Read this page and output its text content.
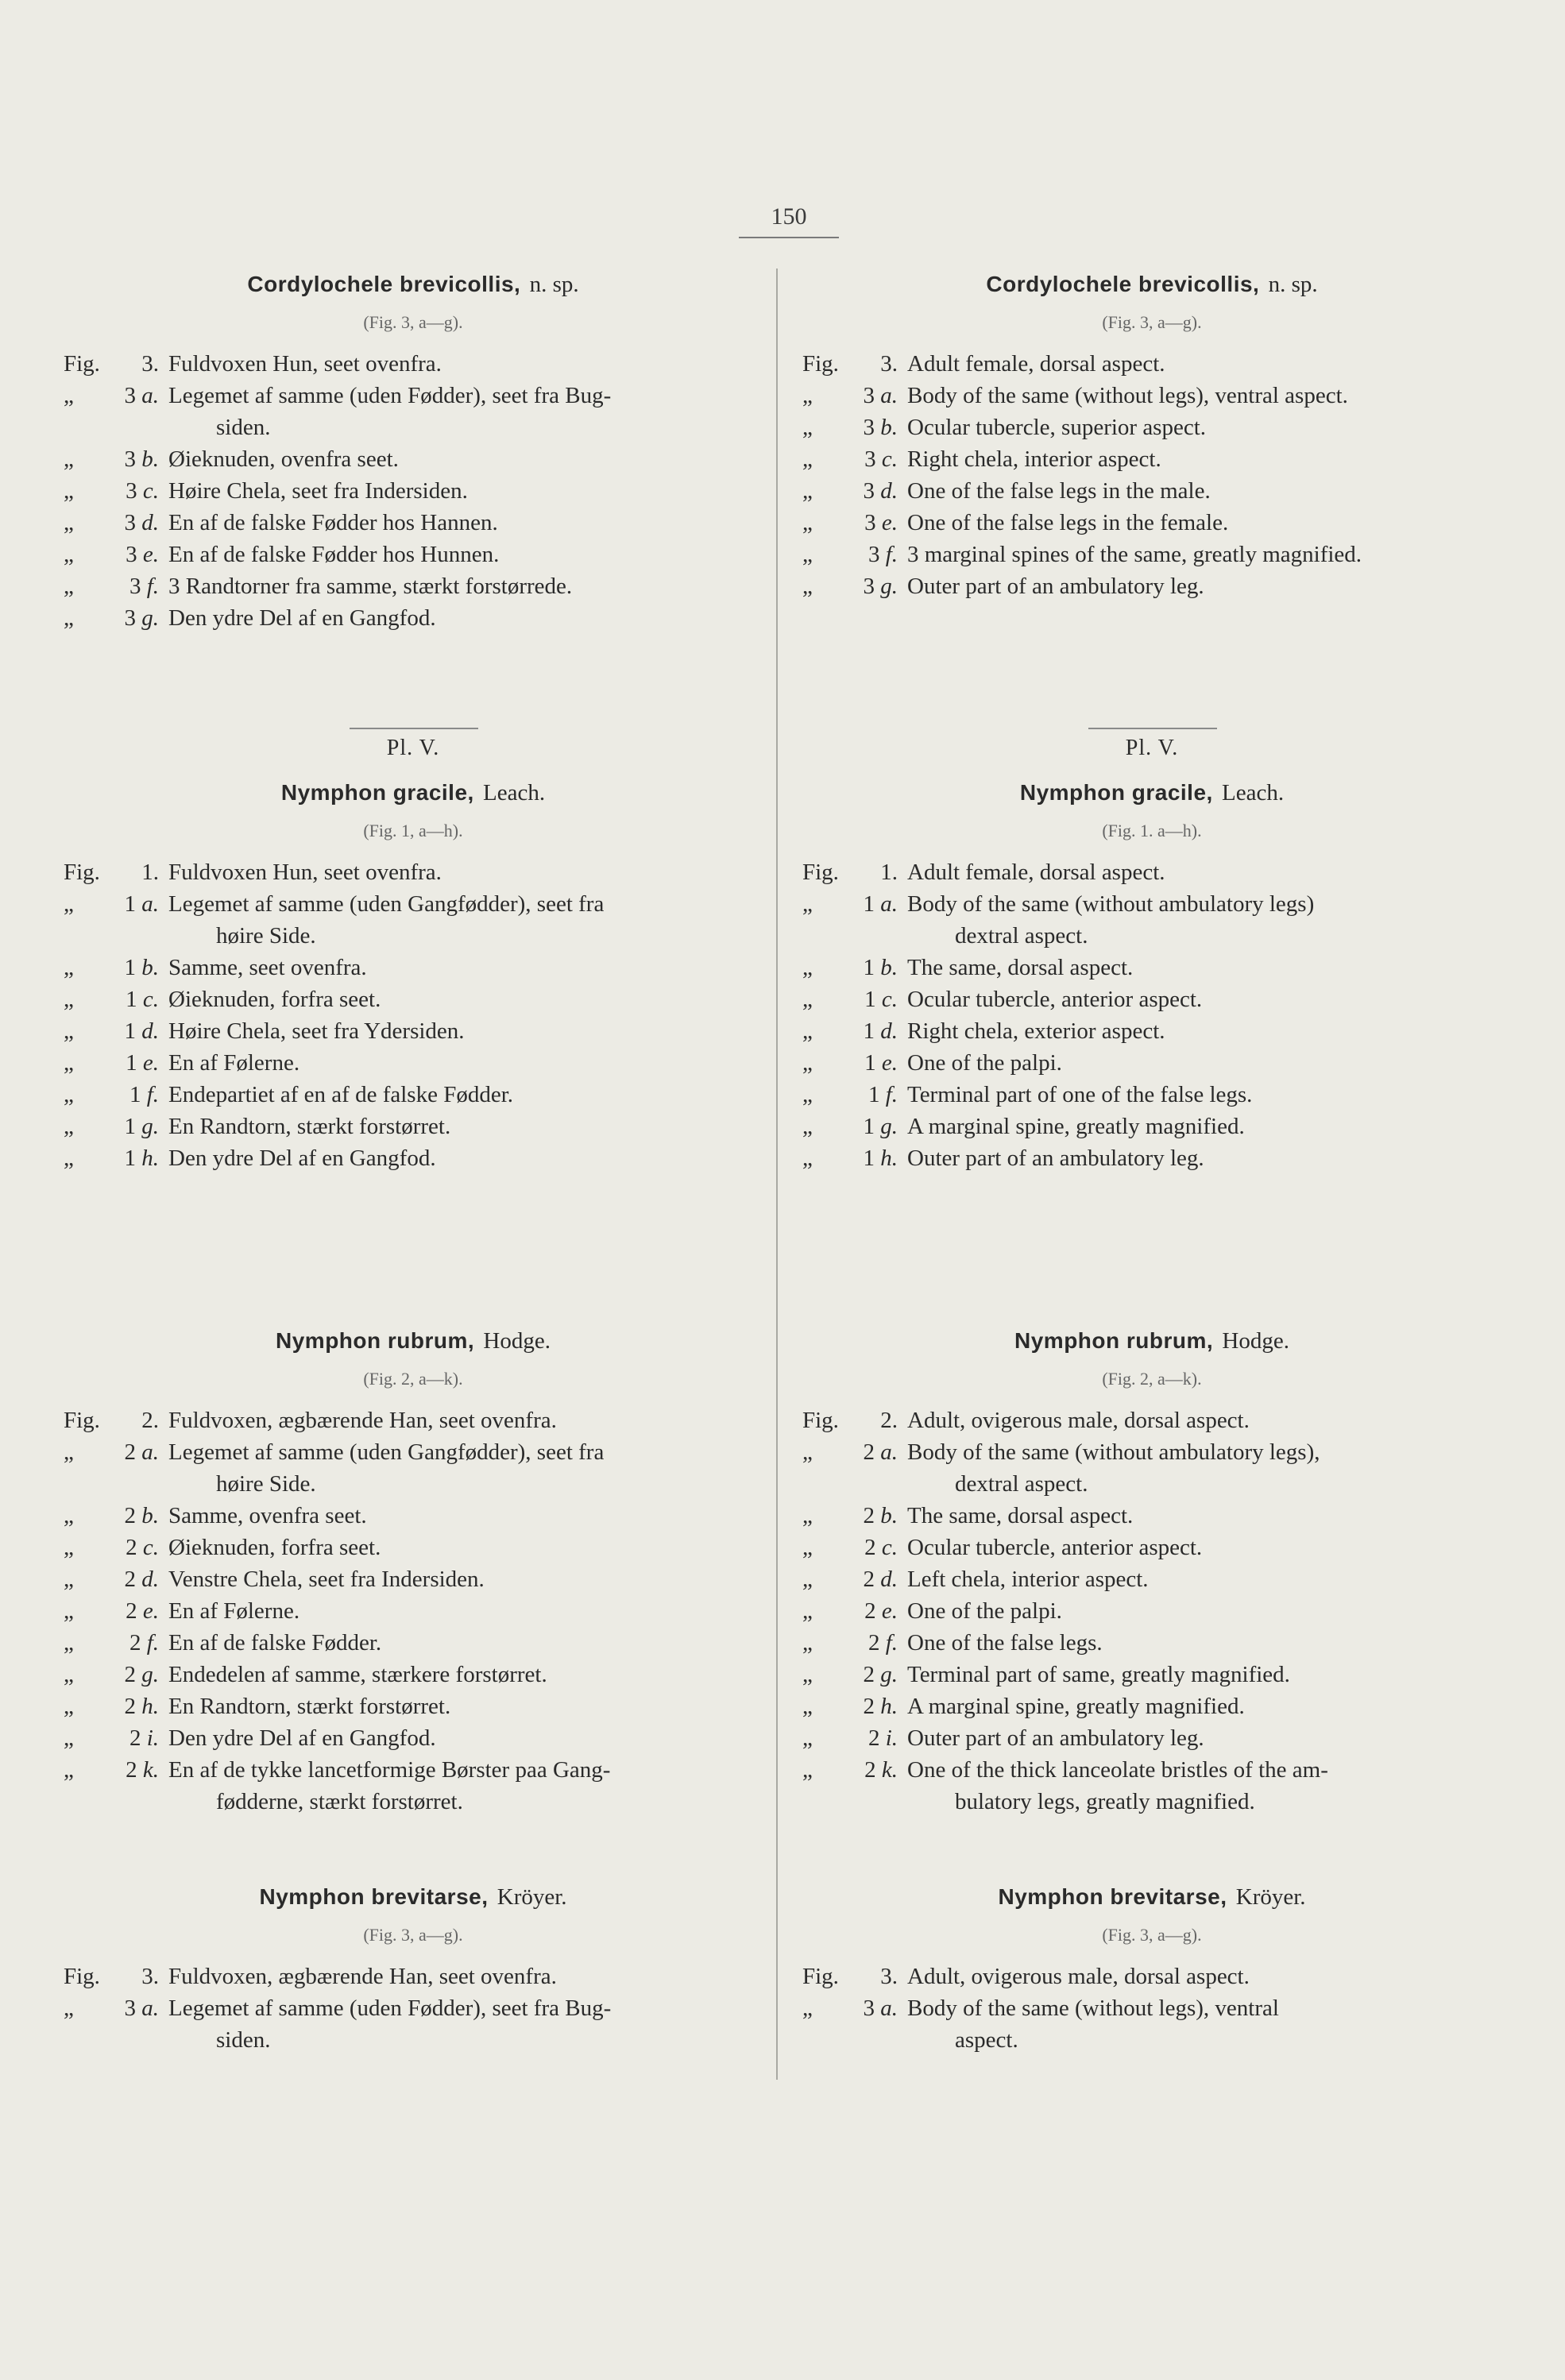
150
Cordylochele brevicollis, n. sp.
(Fig. 3, a—g).
Fig.	3. Fuldvoxen Hun, seet ovenfra.
„	3 a. Legemet af samme (uden Fødder), seet fra Bug-
siden.
„	3 b. Øieknuden, ovenfra seet.
„	3 c. Høire Chela, seet fra Indersiden.
„	3 d. En af de falske Fødder hos Hannen.
„	3 e. En af de falske Fødder hos Hunnen.
„	3 f. 3 Randtorner fra samme, stærkt forstørrede.
„	3 g. Den ydre Del af en Gangfod.
Pl. V.
Nymphon gracile, Leach.
(Fig. 1, a—h).
Fig.	1. Fuldvoxen Hun, seet ovenfra.
„	1 a. Legemet af samme (uden Gangfødder), seet fra
høire Side.
„	1 b. Samme, seet ovenfra.
„	1 c. Øieknuden, forfra seet.
„	1 d. Høire Chela, seet fra Ydersiden.
„	1 e. En af Følerne.
„	1 f. Endepartiet af en af de falske Fødder.
„	1 g. En Randtorn, stærkt forstørret.
„	1 h. Den ydre Del af en Gangfod.
Nymphon rubrum, Hodge.
(Fig. 2, a—k).
Fig.	2. Fuldvoxen, ægbærende Han, seet ovenfra.
„	2 a. Legemet af samme (uden Gangfødder), seet fra
høire Side.
„	2 b. Samme, ovenfra seet.
„	2 c. Øieknuden, forfra seet.
„	2 d. Venstre Chela, seet fra Indersiden.
„	2 e. En af Følerne.
„	2 f. En af de falske Fødder.
„	2 g. Endedelen af samme, stærkere forstørret.
„	2 h. En Randtorn, stærkt forstørret.
„	2 i. Den ydre Del af en Gangfod.
„	2 k. En af de tykke lancetformige Børster paa Gang-
fødderne, stærkt forstørret.
Nymphon brevitarse, Kröyer.
(Fig. 3, a—g).
Fig.	3. Fuldvoxen, ægbærende Han, seet ovenfra.
„	3 a. Legemet af samme (uden Fødder), seet fra Bug-
siden.
Cordylochele brevicollis, n. sp.
(Fig. 3, a—g).
Fig.	3. Adult female, dorsal aspect.
„	3 a. Body of the same (without legs), ventral aspect.
„	3 b. Ocular tubercle, superior aspect.
„	3 c. Right chela, interior aspect.
„	3 d. One of the false legs in the male.
„	3 e. One of the false legs in the female.
„	3 f. 3 marginal spines of the same, greatly magnified.
„	3 g. Outer part of an ambulatory leg.
Pl. V.
Nymphon gracile, Leach.
(Fig. 1. a—h).
Fig.	1. Adult female, dorsal aspect.
„	1 a. Body of the same (without ambulatory legs)
dextral aspect.
„	1 b. The same, dorsal aspect.
„	1 c. Ocular tubercle, anterior aspect.
„	1 d. Right chela, exterior aspect.
„	1 e. One of the palpi.
„	1 f. Terminal part of one of the false legs.
„	1 g. A marginal spine, greatly magnified.
„	1 h. Outer part of an ambulatory leg.
Nymphon rubrum, Hodge.
(Fig. 2, a—k).
Fig.	2. Adult, ovigerous male, dorsal aspect.
„	2 a. Body of the same (without ambulatory legs),
dextral aspect.
„	2 b. The same, dorsal aspect.
„	2 c. Ocular tubercle, anterior aspect.
„	2 d. Left chela, interior aspect.
„	2 e. One of the palpi.
„	2 f. One of the false legs.
„	2 g. Terminal part of same, greatly magnified.
„	2 h. A marginal spine, greatly magnified.
„	2 i. Outer part of an ambulatory leg.
„	2 k. One of the thick lanceolate bristles of the am-
bulatory legs, greatly magnified.
Nymphon brevitarse, Kröyer.
(Fig. 3, a—g).
Fig.	3. Adult, ovigerous male, dorsal aspect.
„	3 a. Body of the same (without legs), ventral
aspect.
